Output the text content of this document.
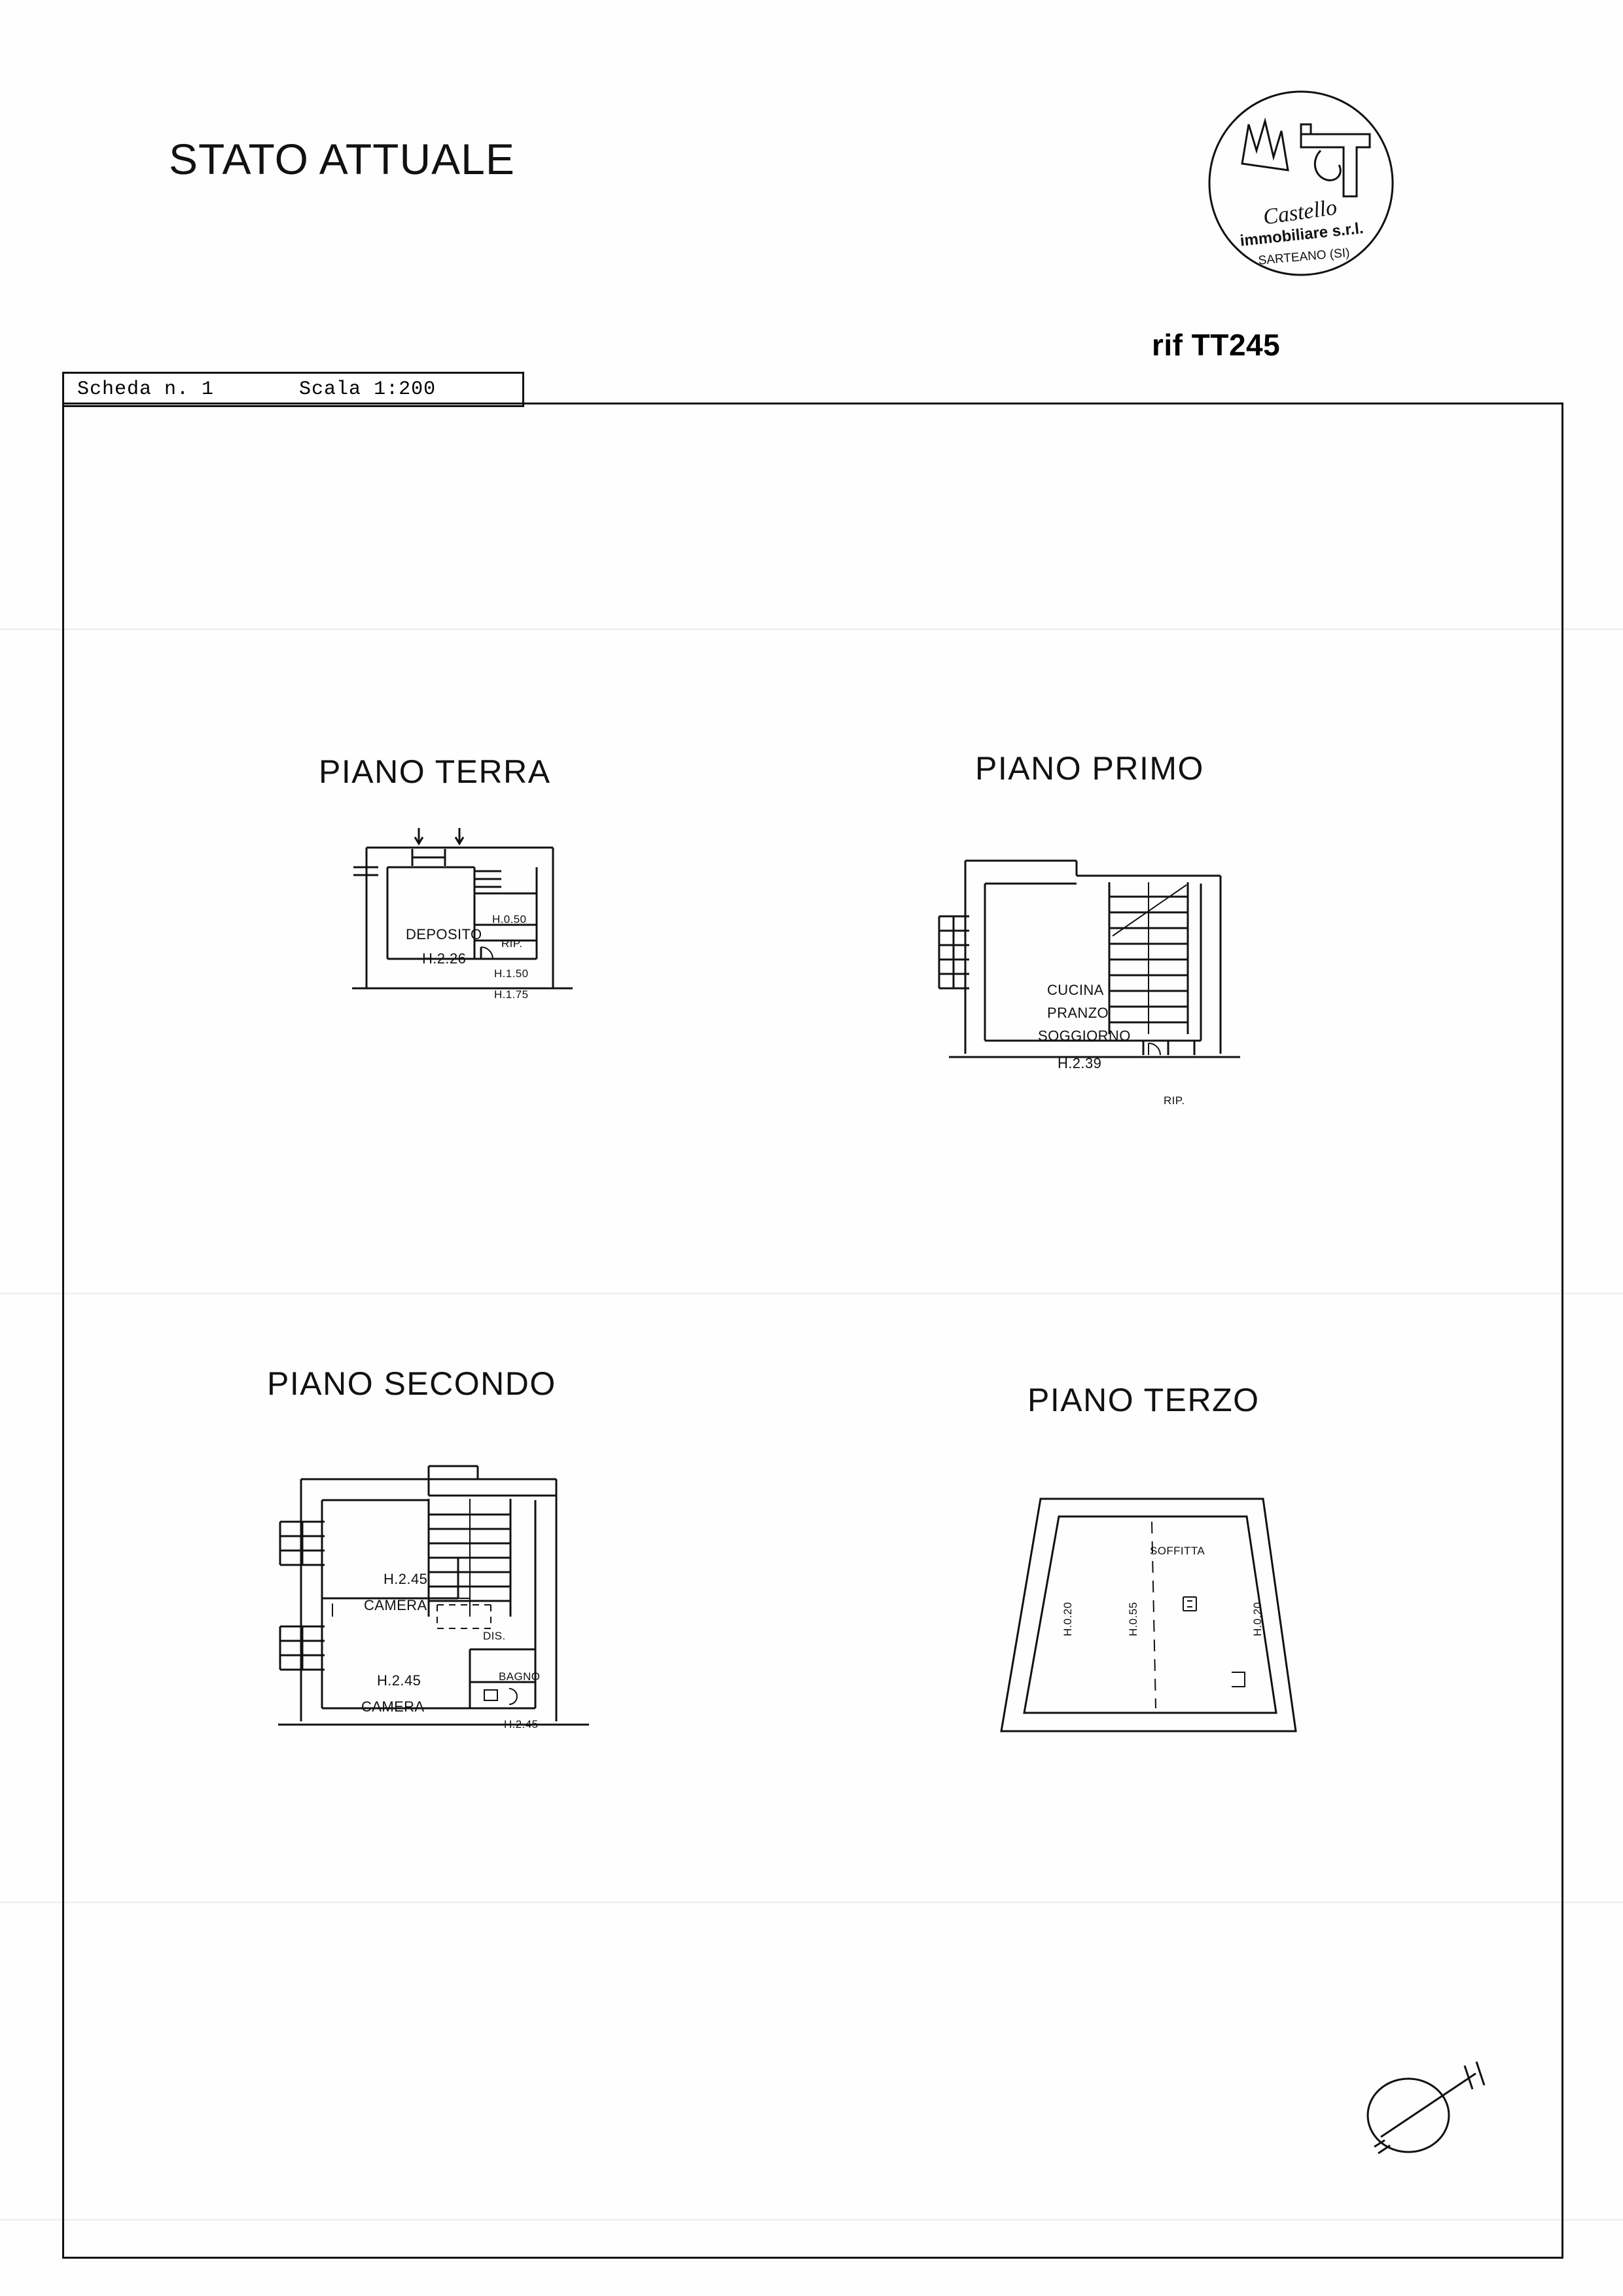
STATO ATTUALE
Castello
immobiliare s.r.l.
SARTEANO (SI)
rif TT245
Scheda n. 1	Scala 1:200
PIANO TERRA
DEPOSITO
H.2.26
H.0.50
RIP.
H.1.50
H.1.75
PIANO PRIMO
CUCINA
PRANZO
SOGGIORNO
H.2.39
RIP.
PIANO SECONDO
H.2.45
CAMERA
H.2.45
CAMERA
DIS.
BAGNO
H.2.45
PIANO TERZO
SOFFITTA
H.0.20	H.0.55	H.0.20
